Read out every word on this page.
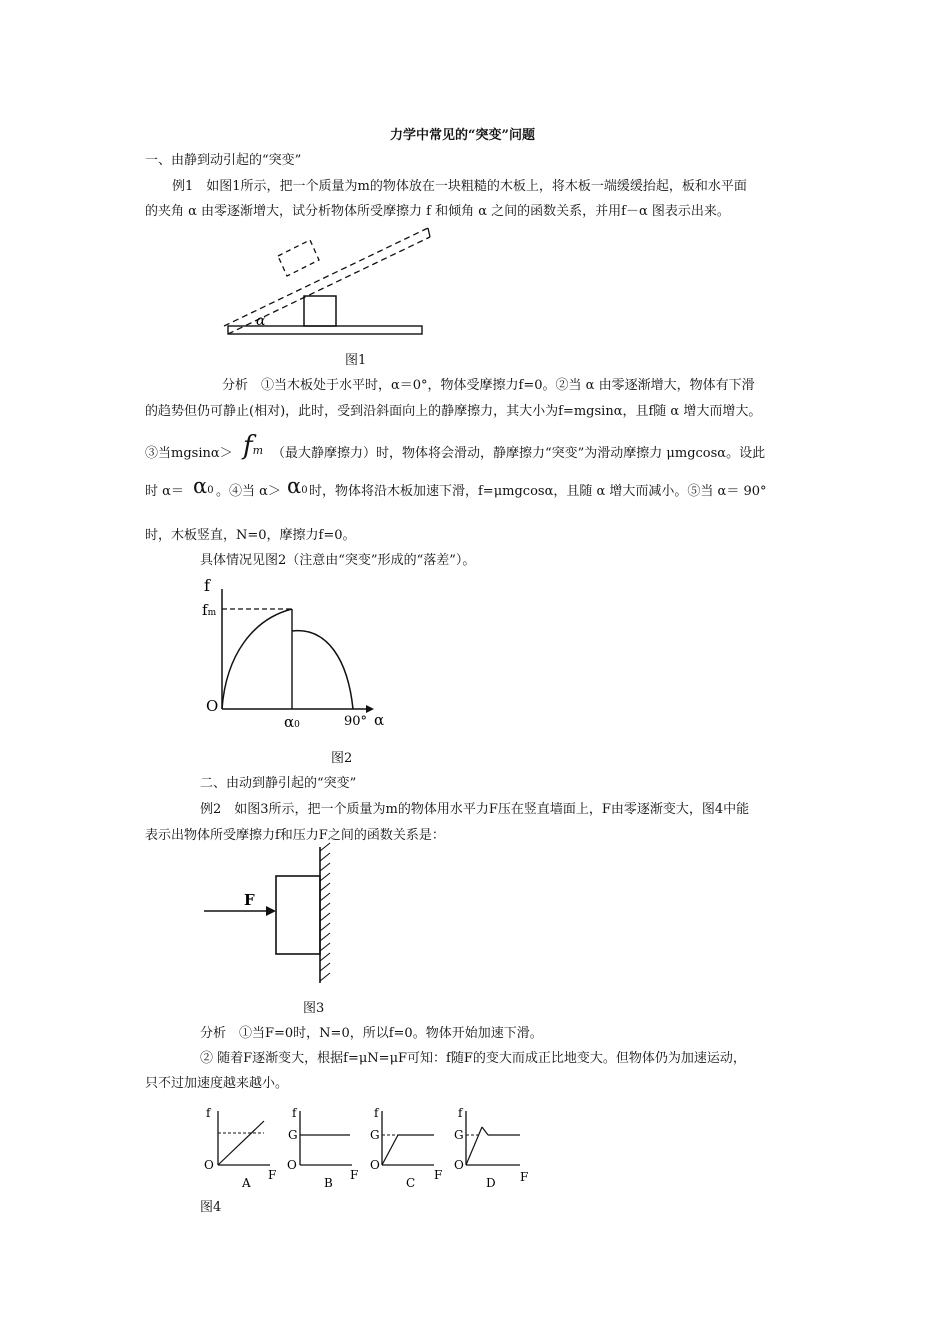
力学中常见的“突变”问题
一、由静到动引起的“突变”
例1　如图1所示，把一个质量为m的物体放在一块粗糙的木板上，将木板一端缓缓抬起，板和水平面
的夹角 α 由零逐渐增大，试分析物体所受摩擦力 f 和倾角 α 之间的函数关系，并用f－α 图表示出来。
α
图1
分析　①当木板处于水平时，α＝0°，物体受摩擦力f=0。②当 α 由零逐渐增大，物体有下滑
的趋势但仍可静止(相对)，此时，受到沿斜面向上的静摩擦力，其大小为f=mgsinα，且f随 α 增大而增大。
③当mgsinα＞ fm （最大静摩擦力）时，物体将会滑动，静摩擦力“突变”为滑动摩擦力 μmgcosα。设此
时 α＝ α0 。④当 α＞ α0 时，物体将沿木板加速下滑，f=μmgcosα，且随 α 增大而减小。⑤当 α＝ 90°
时，木板竖直，N=0，摩擦力f=0。
具体情况见图2（注意由“突变”形成的“落差”）。
f
fm
O
α0	90° α
图2
二、由动到静引起的“突变”
例2　如图3所示，把一个质量为m的物体用水平力F压在竖直墙面上，F由零逐渐变大，图4中能
表示出物体所受摩擦力f和压力F之间的函数关系是：
F
图3
分析　①当F=0时，N=0，所以f=0。物体开始加速下滑。
② 随着F逐渐变大，根据f=μN=μF可知：f随F的变大而成正比地变大。但物体仍为加速运动，
只不过加速度越来越小。
f
O
F
A
f
G
O
F
B
f
G
O
F
C
f
G
O
F
D
图4
